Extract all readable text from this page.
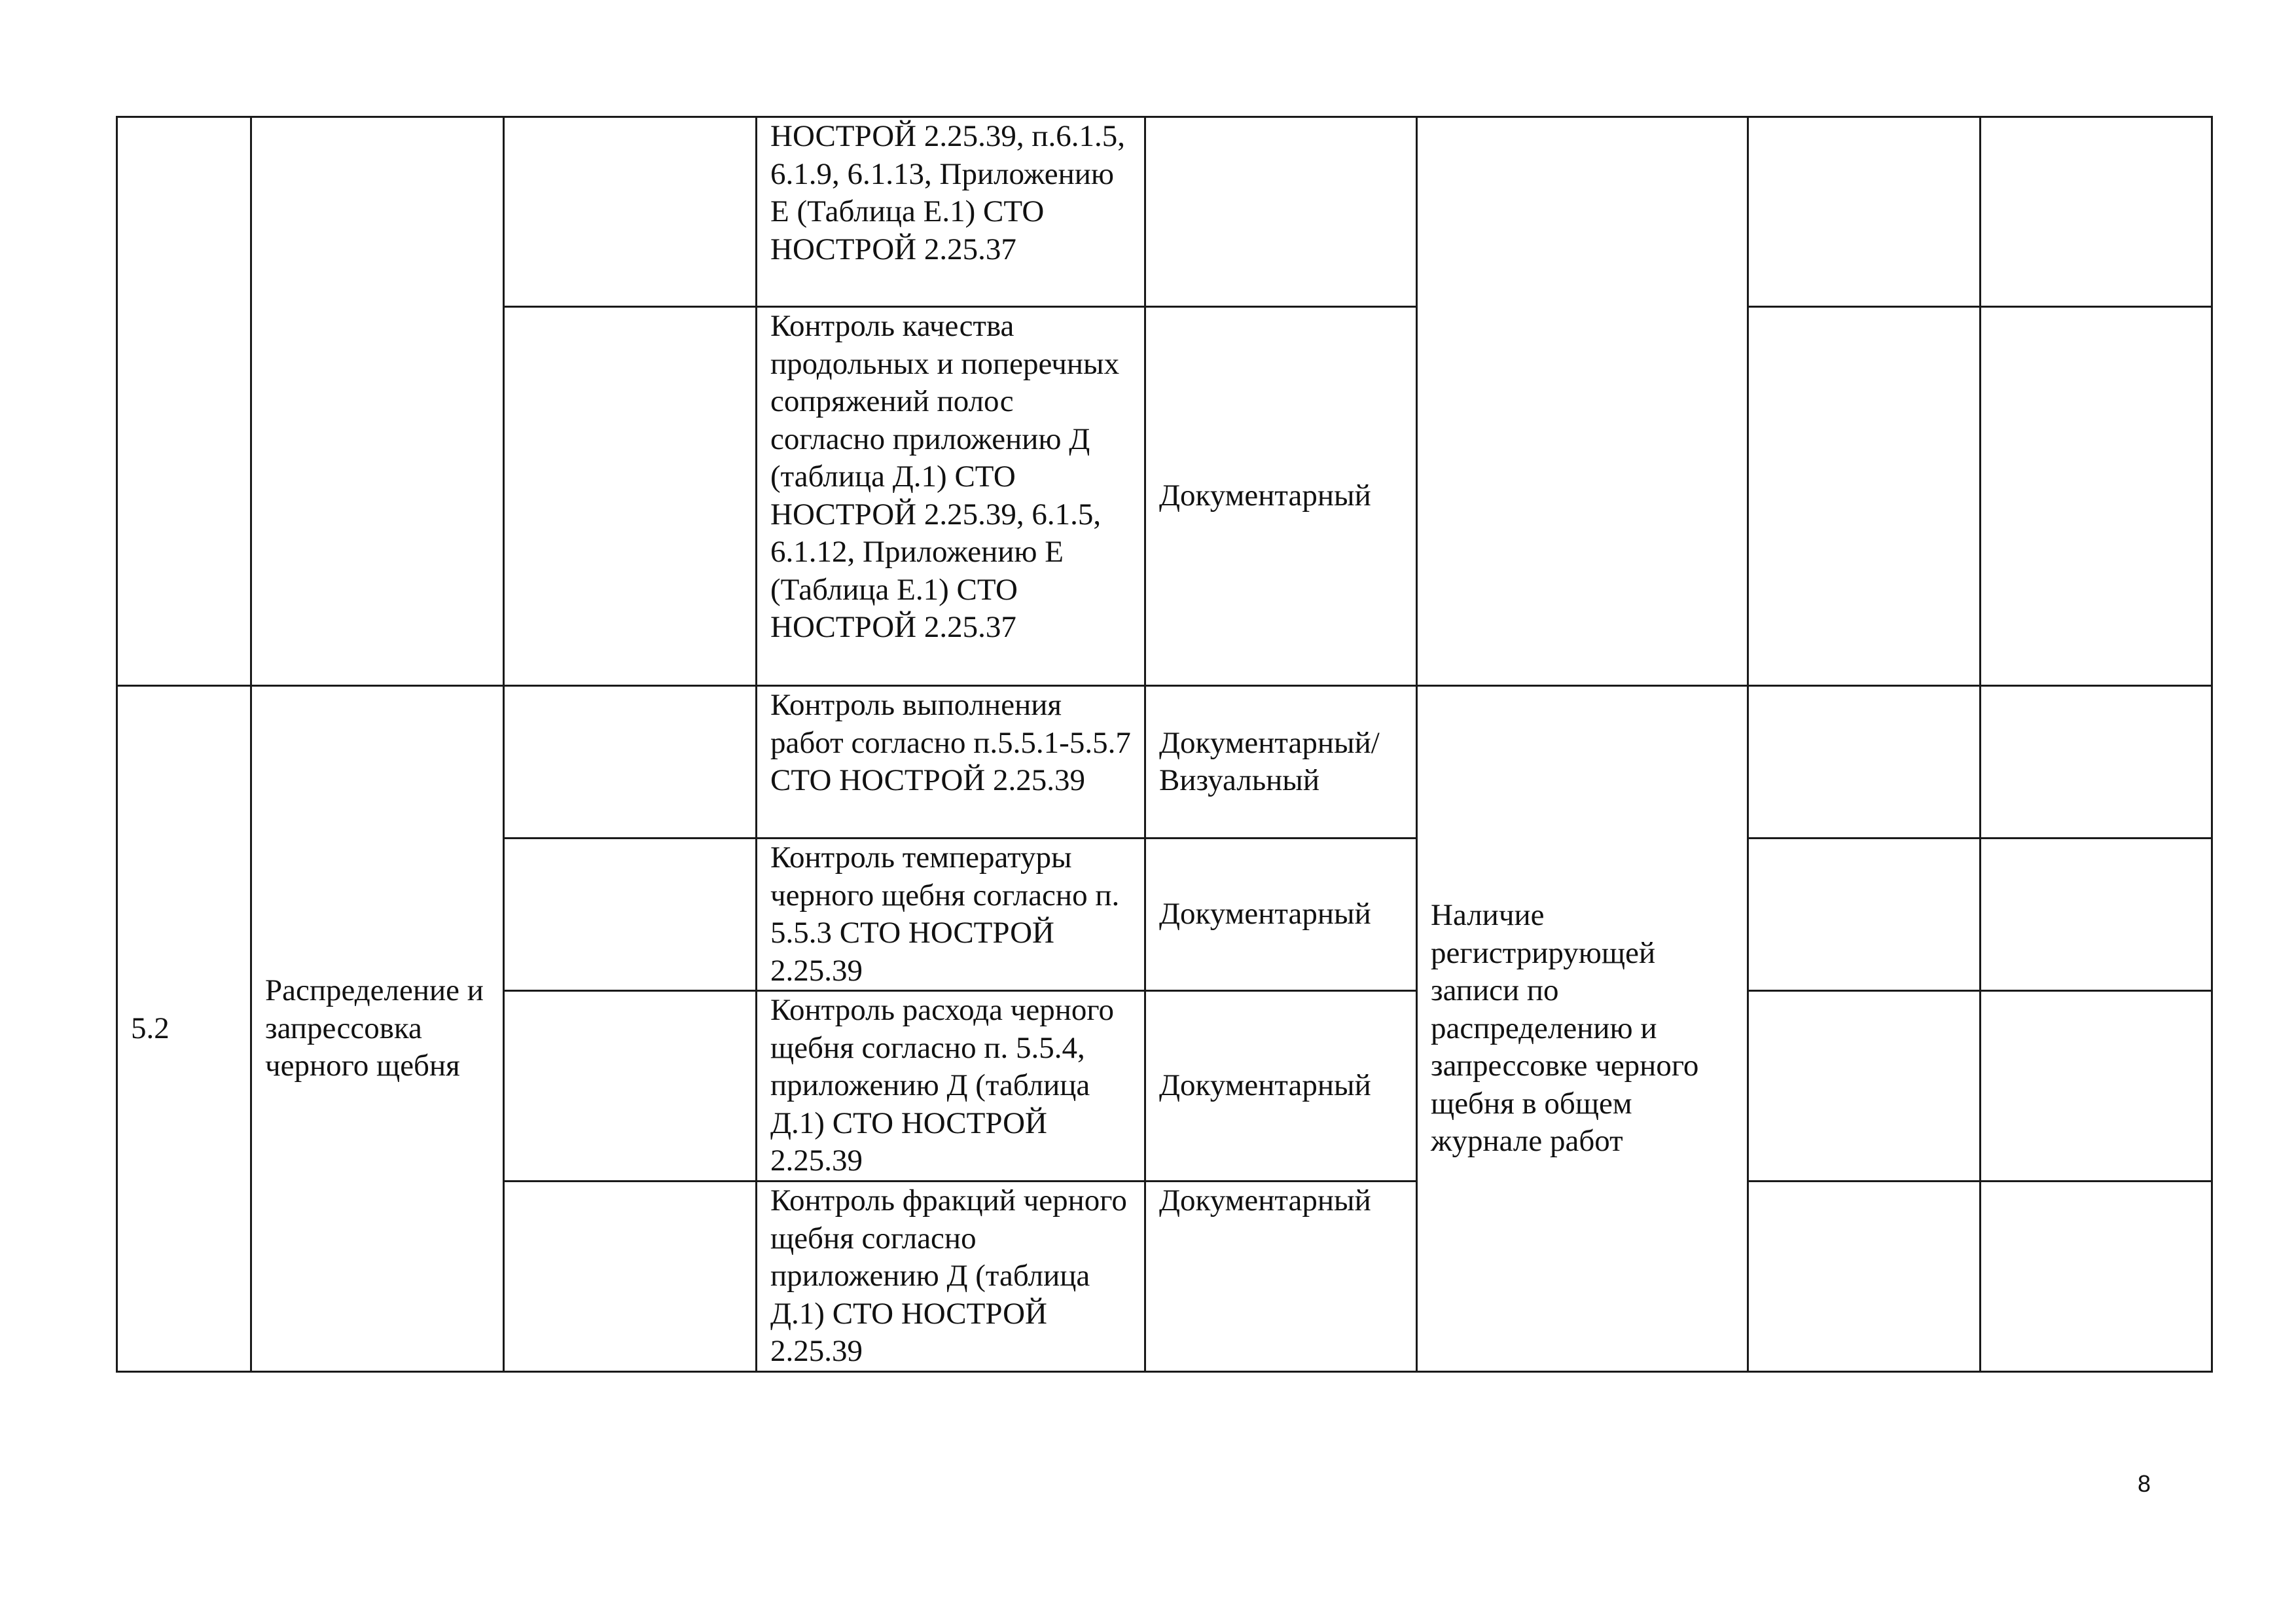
			НОСТРОЙ 2.25.39, п.6.1.5, 6.1.9, 6.1.13, Приложению Е (Таблица Е.1) СТО НОСТРОЙ 2.25.37				
			Контроль качества продольных и поперечных сопряжений полос согласно приложению Д (таблица Д.1) СТО НОСТРОЙ 2.25.39, 6.1.5, 6.1.12, Приложению Е (Таблица Е.1) СТО НОСТРОЙ 2.25.37	Документарный			
5.2	Распределение и запрессовка черного щебня		Контроль выполнения работ согласно п.5.5.1-5.5.7 СТО НОСТРОЙ 2.25.39	Документарный/ Визуальный	Наличие регистрирующей записи по распределению и запрессовке черного щебня в общем журнале работ		
			Контроль температуры черного щебня согласно п. 5.5.3 СТО НОСТРОЙ 2.25.39	Документарный			
			Контроль расхода черного щебня согласно п. 5.5.4, приложению Д (таблица Д.1) СТО НОСТРОЙ 2.25.39	Документарный			
			Контроль фракций черного щебня согласно приложению Д (таблица Д.1) СТО НОСТРОЙ 2.25.39	Документарный			
8
